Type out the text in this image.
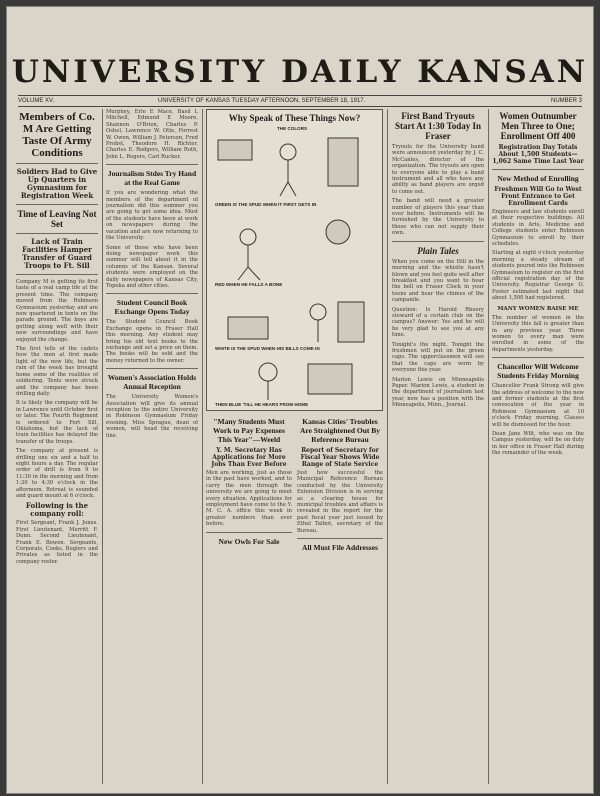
UNIVERSITY DAILY KANSAN
VOLUME XV.	UNIVERSITY OF KANSAS TUESDAY AFTERNOON, SEPTEMBER 18, 1917.	NUMBER 3
Members of Co. M Are Getting Taste Of Army Conditions
Soldiers Had to Give Up Quarters in Gymnasium for Registration Week
Time of Leaving Not Set
Lack of Train Facilities Hamper Transfer of Guard Troops to Ft. Sill

Company M is getting its first taste of a real camp life at the present time. The company moved from the Robinson Gymnasium yesterday and are now quartered in tents on the parade ground. The boys are getting along well with their new surroundings and have enjoyed the change.

The first tells of the cadets how the men at first made light of the new life, but the rain of the week has brought home some of the realities of soldiering. Tents were struck and the company has been drilling daily.

It is likely the company will be in Lawrence until October first or later. The Fourth Regiment is ordered to Fort Sill, Oklahoma, but the lack of train facilities has delayed the transfer of the troops.

The company at present is drilling one six and a half to eight hours a day. The regular order of drill is from 9 to 11:30 in the morning and from 1:30 to 4:30 o'clock in the afternoon. Retreat is sounded and guard mount at 6 o'clock.

Following is the company roll:

First Sergeant, Frank J. Jones. First Lieutenant, Merritt F. Dunn. Second Lieutenant, Frank E. Bowen. Sergeants, Corporals, Cooks, Buglers and Privates as listed in the company roster.

Murphey, Erle E Mace, Basil L Mitchell, Edmund E Moore, Shannon O'Brien, Charles P. Oshel, Lawrence W. Otte, Forrest W. Owen, William J. Peterson, Fred Probst, Theodore H. Richter, Charles E. Rodgers, William Roth, John L. Rogers, Carl Rucker.

Journalism Stdes Try Hand at the Real Game

If you are wondering what the members of the department of journalism did this summer you are going to get some idea. Most of the students have been at work on newspapers during the vacation and are now returning to the University.

Some of those who have been doing newspaper work this summer will tell about it in the columns of the Kansan. Several students were employed on the daily newspapers of Kansas City, Topeka and other cities.

Student Council Book Exchange Opens Today

The Student Council Book Exchange opens in Fraser Hall this morning. Any student may bring his old text books to the exchange and set a price on them. The books will be sold and the money returned to the owner.

Women's Association Holds Annual Reception

The University Women's Association will give its annual reception to the entire University in Robinson Gymnasium Friday evening. Miss Sprague, dean of women, will head the receiving line.

Why Speak of These Things Now?
THE COLORS
GREEN IS THE SPUD WHEN IT FIRST GETS IN
RED WHEN HE FALLS A BONE
WHITE IS THE SPUD WHEN HIS BILLS COME IN
THEN BLUE 'TILL HE HEARS FROM HOME
"Many Students Must Work to Pay Expenses This Year"—Weeld
Y. M. Secretary Has Applications for More Jobs Than Ever Before

Men are working, just as those in the past have worked, and to carry the men through the university we are going to meet every situation. Applications for employment have come to the Y. M. C. A. office this week in greater numbers than ever before.

New Owls For Sale
Kansas Cities' Troubles Are Straightened Out By Reference Bureau
Report of Secretary for Fiscal Year Shows Wide Range of State Service

Just how successful the Municipal Reference Bureau conducted by the University Extension Division is in serving as a clearing house for municipal troubles and affairs is revealed in the report for the past fiscal year just issued by Ethel Talbot, secretary of the Bureau.

All Must File Addresses
First Band Tryouts Start At 1:30 Today In Fraser

Tryouts for the University band were announced yesterday by J. C. McCanles, director of the organization. The tryouts are open to everyone able to play a band instrument and all who have any ability as band players are urged to come out.

The band will need a greater number of players this year than ever before. Instruments will be furnished by the University to those who can not supply their own.

Plain Tales

When you come on the Hill in the morning and the whistle hasn't blown and you feel quite well after breakfast and you want to hear the bell on Fraser Clock in your teens and hear the chimes of the campanile.

Question: Is Harold Rhoery steward of a certain club on the campus? Answer: Yes and he will be very glad to see you at any time.

Tonight's the night. Tonight the freshmen will put on the green caps. The upperclassmen will see that the caps are worn by everyone this year.

Marion Lewis on Minneapolis Paper. Marion Lewis, a student in the department of journalism last year, now has a position with the Minneapolis, Minn., Journal.

Women Outnumber Men Three to One; Enrollment Off 400
Registration Day Totals About 1,500 Students—1,062 Same Time Last Year
New Method of Enrolling
Freshmen Will Go to West Front Entrance to Get Enrollment Cards

Engineers and law students enroll at their respective buildings. All students in Arts, Medicine and College students enter Robinson Gymnasium to enroll by their schedules.

Starting at eight o'clock yesterday morning a steady stream of students poured into the Robinson Gymnasium to register on the first official registration day of the University. Registrar George O. Foster estimated last night that about 1,500 had registered.

MANY WOMEN RAISE ME

The number of women in the University this fall is greater than in any previous year. Three women to every man were enrolled in some of the departments yesterday.

Chancellor Will Welcome Students Friday Morning

Chancellor Frank Strong will give the address of welcome to the new and former students at the first convocation of the year in Robinson Gymnasium at 10 o'clock Friday morning. Classes will be dismissed for the hour.

Dean Jane Wilt, who was on the Campus yesterday, will be on duty in her office in Fraser Hall during the remainder of the week.
